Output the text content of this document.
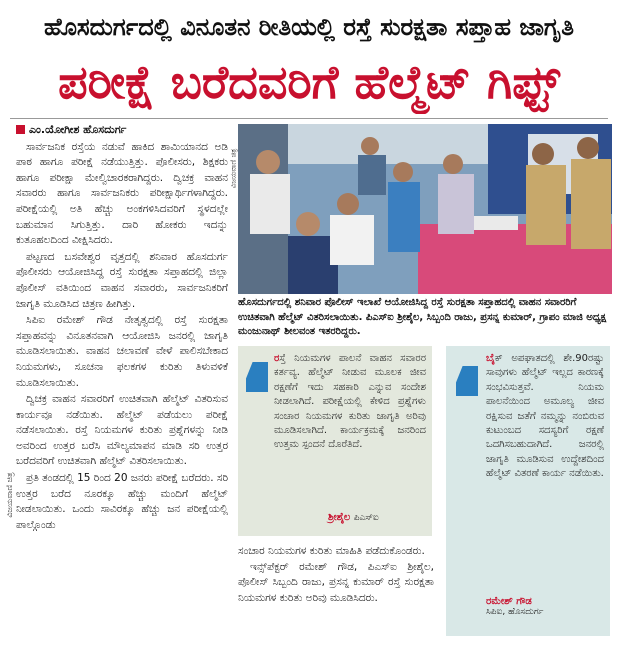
ಹೊಸದುರ್ಗದಲ್ಲಿ ವಿನೂತನ ರೀತಿಯಲ್ಲಿ ರಸ್ತೆ ಸುರಕ್ಷತಾ ಸಪ್ತಾಹ ಜಾಗೃತಿ
ಪರೀಕ್ಷೆ ಬರೆದವರಿಗೆ ಹೆಲ್ಮೆಟ್ ಗಿಫ್ಟ್
ವಿಜಯವಾಣಿ ಚಿತ್ರ
ಎಂ.ಯೋಗೀಶ ಹೊಸದುರ್ಗ

ಸಾರ್ವಜನಿಕ ರಸ್ತೆಯ ನಡುವೆ ಹಾಕಿದ ಶಾಮಿಯಾನದ ಅಡಿ ಪಾಠ ಹಾಗೂ ಪರೀಕ್ಷೆ ನಡೆಯುತ್ತಿತ್ತು. ಪೊಲೀಸರು, ಶಿಕ್ಷಕರು ಹಾಗೂ ಪರೀಕ್ಷಾ ಮೇಲ್ವಿಚಾರಕರಾಗಿದ್ದರು. ದ್ವಿಚಕ್ರ ವಾಹನ ಸವಾರರು ಹಾಗೂ ಸಾರ್ವಜನಿಕರು ಪರೀಕ್ಷಾರ್ಥಿಗಳಾಗಿದ್ದರು. ಪರೀಕ್ಷೆಯಲ್ಲಿ ಅತಿ ಹೆಚ್ಚು ಅಂಕಗಳಿಸಿದವರಿಗೆ ಸ್ಥಳದಲ್ಲೇ ಬಹುಮಾನ ಸಿಗುತ್ತಿತ್ತು. ದಾರಿ ಹೋಕರು ಇದನ್ನು ಕುತೂಹಲದಿಂದ ವೀಕ್ಷಿಸಿದರು.

ಪಟ್ಟಣದ ಬಸವೇಶ್ವರ ವೃತ್ತದಲ್ಲಿ ಶನಿವಾರ ಹೊಸದುರ್ಗ ಪೊಲೀಸರು ಆಯೋಜಿಸಿದ್ದ ರಸ್ತೆ ಸುರಕ್ಷತಾ ಸಪ್ತಾಹದಲ್ಲಿ ಜಿಲ್ಲಾ ಪೊಲೀಸ್ ವತಿಯಿಂದ ವಾಹನ ಸವಾರರು, ಸಾರ್ವಜನಿಕರಿಗೆ ಜಾಗೃತಿ ಮೂಡಿಸಿದ ಚಿತ್ರಣ ಹೀಗಿತ್ತು.

ಸಿಪಿಐ ರಮೇಶ್ ಗೌಡ ನೇತೃತ್ವದಲ್ಲಿ ರಸ್ತೆ ಸುರಕ್ಷತಾ ಸಪ್ತಾಹವನ್ನು ವಿನೂತನವಾಗಿ ಆಯೋಜಿಸಿ ಜನರಲ್ಲಿ ಜಾಗೃತಿ ಮೂಡಿಸಲಾಯಿತು. ವಾಹನ ಚಲಾವಣೆ ವೇಳೆ ಪಾಲಿಸಬೇಕಾದ ನಿಯಮಗಳು, ಸೂಚನಾ ಫಲಕಗಳ ಕುರಿತು ತಿಳುವಳಿಕೆ ಮೂಡಿಸಲಾಯಿತು.

ದ್ವಿಚಕ್ರ ವಾಹನ ಸವಾರರಿಗೆ ಉಚಿತವಾಗಿ ಹೆಲ್ಮೆಟ್ ವಿತರಿಸುವ ಕಾರ್ಯವೂ ನಡೆಯಿತು. ಹೆಲ್ಮೆಟ್ ಪಡೆಯಲು ಪರೀಕ್ಷೆ ನಡೆಸಲಾಯಿತು. ರಸ್ತೆ ನಿಯಮಗಳ ಕುರಿತು ಪ್ರಶ್ನೆಗಳನ್ನು ನೀಡಿ ಅವರಿಂದ ಉತ್ತರ ಬರೆಸಿ ಮೌಲ್ಯಮಾಪನ ಮಾಡಿ ಸರಿ ಉತ್ತರ ಬರೆದವರಿಗೆ ಉಚಿತವಾಗಿ ಹೆಲ್ಮೆಟ್ ವಿತರಿಸಲಾಯಿತು.

ಪ್ರತಿ ತಂಡದಲ್ಲಿ 15 ರಿಂದ 20 ಜನರು ಪರೀಕ್ಷೆ ಬರೆದರು. ಸರಿ ಉತ್ತರ ಬರೆದ ನೂರಕ್ಕೂ ಹೆಚ್ಚು ಮಂದಿಗೆ ಹೆಲ್ಮೆಟ್ ನೀಡಲಾಯಿತು. ಒಂದು ಸಾವಿರಕ್ಕೂ ಹೆಚ್ಚು ಜನ ಪರೀಕ್ಷೆಯಲ್ಲಿ ಪಾಲ್ಗೊಂಡು

ವಿಜಯವಾಣಿ ಚಿತ್ರ
ಹೊಸದುರ್ಗದಲ್ಲಿ ಶನಿವಾರ ಪೊಲೀಸ್ ಇಲಾಖೆ ಆಯೋಜಿಸಿದ್ದ ರಸ್ತೆ ಸುರಕ್ಷತಾ ಸಪ್ತಾಹದಲ್ಲಿ ವಾಹನ ಸವಾರರಿಗೆ ಉಚಿತವಾಗಿ ಹೆಲ್ಮೆಟ್ ವಿತರಿಸಲಾಯಿತು. ಪಿಎಸ್‌ಐ ಶ್ರೀಶೈಲ, ಸಿಬ್ಬಂದಿ ರಾಜು, ಪ್ರಸನ್ನ ಕುಮಾರ್, ಗ್ರಾಪಂ ಮಾಜಿ ಅಧ್ಯಕ್ಷ ಮಂಜುನಾಥ್ ಶೀಲವಂತ ಇತರರಿದ್ದರು.
ರಸ್ತೆ ನಿಯಮಗಳ ಪಾಲನೆ ವಾಹನ ಸವಾರರ ಕರ್ತವ್ಯ. ಹೆಲ್ಮೆಟ್ ನೀಡುವ ಮೂಲಕ ಜೀವ ರಕ್ಷಣೆಗೆ ಇದು ಸಹಕಾರಿ ಎನ್ನುವ ಸಂದೇಶ ನೀಡಲಾಗಿದೆ. ಪರೀಕ್ಷೆಯಲ್ಲಿ ಕೇಳಿದ ಪ್ರಶ್ನೆಗಳು ಸಂಚಾರ ನಿಯಮಗಳ ಕುರಿತು ಜಾಗೃತಿ ಅರಿವು ಮೂಡಿಸಲಾಗಿದೆ. ಕಾರ್ಯಕ್ರಮಕ್ಕೆ ಜನರಿಂದ ಉತ್ತಮ ಸ್ಪಂದನೆ ದೊರೆತಿದೆ.
ಶ್ರೀಶೈಲ ಪಿಎಸ್‌ಐ
ಬೈಕ್ ಅಪಘಾತದಲ್ಲಿ ಶೇ.90ರಷ್ಟು ಸಾವುಗಳು ಹೆಲ್ಮೆಟ್ ಇಲ್ಲದ ಕಾರಣಕ್ಕೆ ಸಂಭವಿಸುತ್ತವೆ. ನಿಯಮ ಪಾಲನೆಯಿಂದ ಅಮೂಲ್ಯ ಜೀವ ರಕ್ಷಿಸುವ ಜತೆಗೆ ನಮ್ಮನ್ನು ನಂಬಿರುವ ಕುಟುಂಬದ ಸದಸ್ಯರಿಗೆ ರಕ್ಷಣೆ ಒದಗಿಸಬಹುದಾಗಿದೆ. ಜನರಲ್ಲಿ ಜಾಗೃತಿ ಮೂಡಿಸುವ ಉದ್ದೇಶದಿಂದ ಹೆಲ್ಮೆಟ್ ವಿತರಣೆ ಕಾರ್ಯ ನಡೆಯಿತು.
ರಮೇಶ್ ಗೌಡ
ಸಿಪಿಐ, ಹೊಸದುರ್ಗ

ಸಂಚಾರ ನಿಯಮಗಳ ಕುರಿತು ಮಾಹಿತಿ ಪಡೆದುಕೊಂಡರು.

ಇನ್ಸ್‌ಪೆಕ್ಟರ್ ರಮೇಶ್ ಗೌಡ, ಪಿಎಸ್‌ಐ ಶ್ರೀಶೈಲ, ಪೊಲೀಸ್ ಸಿಬ್ಬಂದಿ ರಾಜು, ಪ್ರಸನ್ನ ಕುಮಾರ್ ರಸ್ತೆ ಸುರಕ್ಷತಾ ನಿಯಮಗಳ ಕುರಿತು ಅರಿವು ಮೂಡಿಸಿದರು.
